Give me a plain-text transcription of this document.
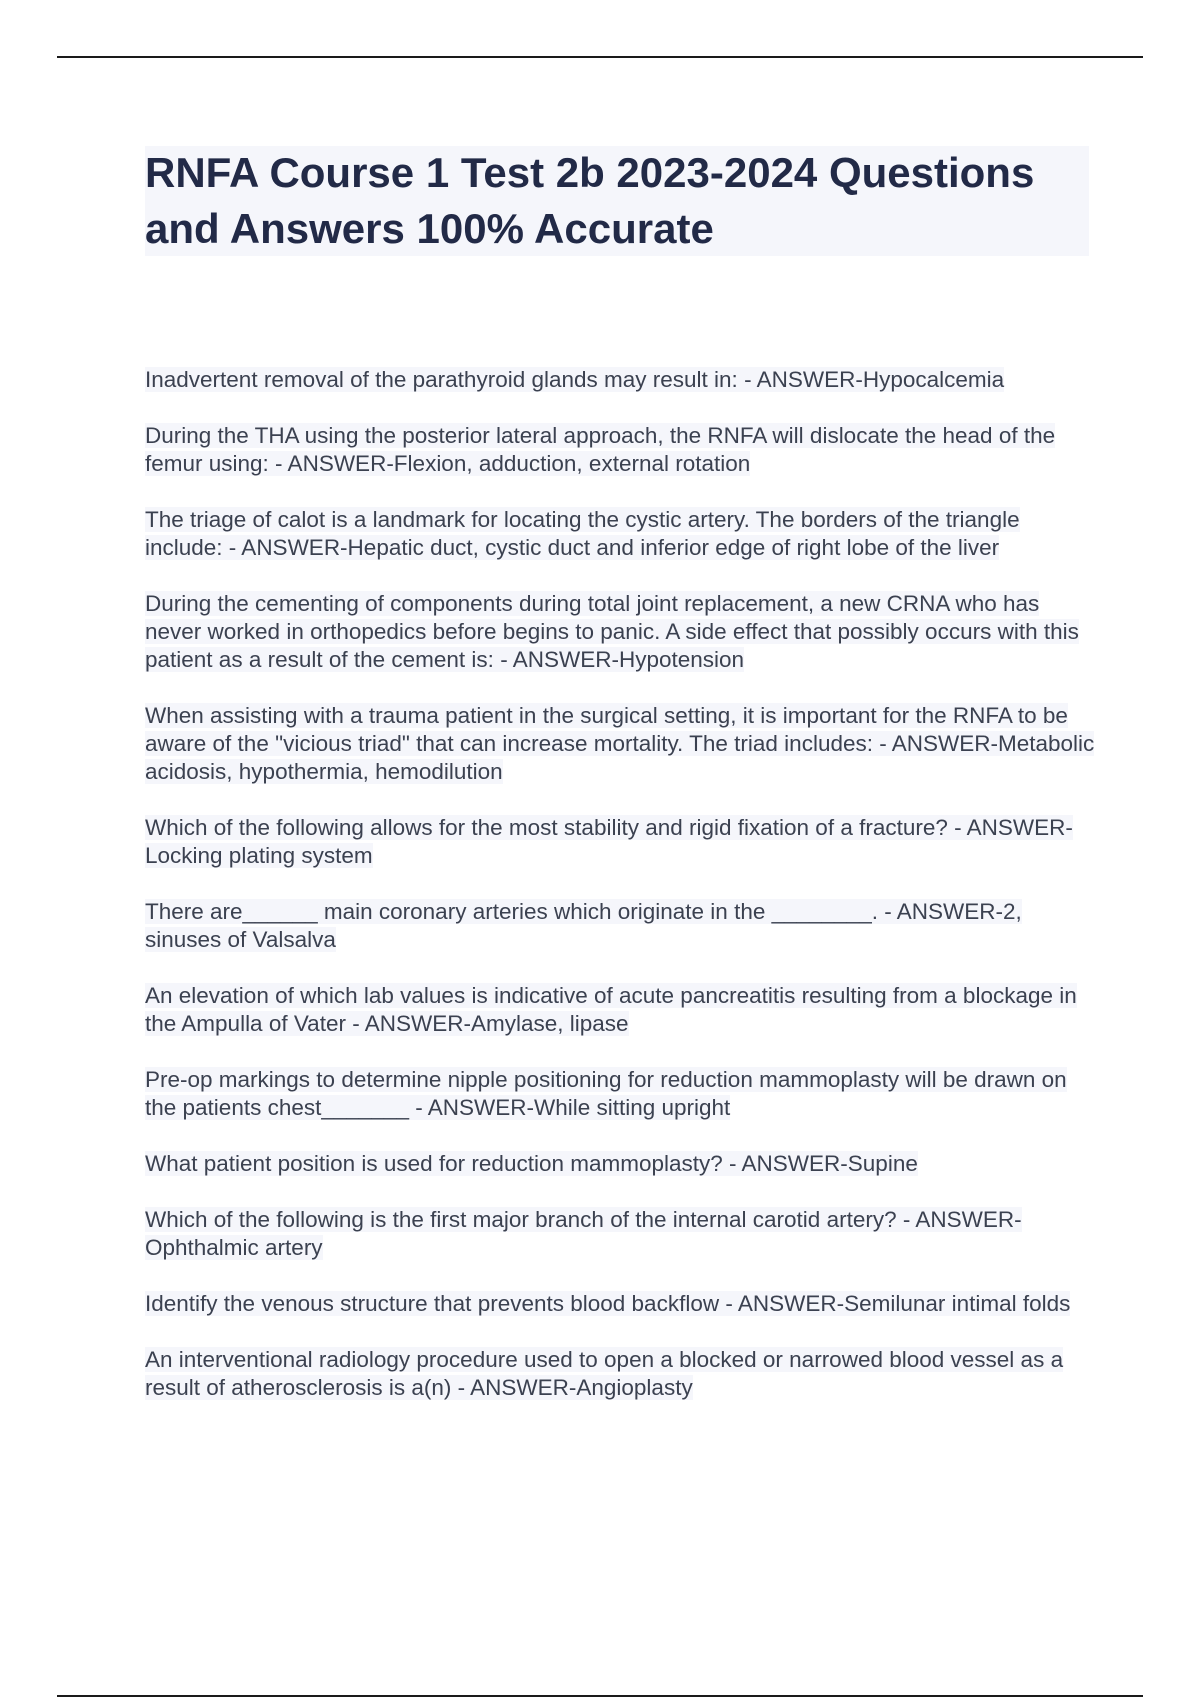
RNFA Course 1 Test 2b 2023-2024 Questions and Answers 100% Accurate

Inadvertent removal of the parathyroid glands may result in: - ANSWER-Hypocalcemia

During the THA using the posterior lateral approach, the RNFA will dislocate the head of the femur using: - ANSWER-Flexion, adduction, external rotation

The triage of calot is a landmark for locating the cystic artery. The borders of the triangle include: - ANSWER-Hepatic duct, cystic duct and inferior edge of right lobe of the liver

During the cementing of components during total joint replacement, a new CRNA who has never worked in orthopedics before begins to panic. A side effect that possibly occurs with this patient as a result of the cement is: - ANSWER-Hypotension

When assisting with a trauma patient in the surgical setting, it is important for the RNFA to be aware of the "vicious triad" that can increase mortality. The triad includes: - ANSWER-Metabolic acidosis, hypothermia, hemodilution

Which of the following allows for the most stability and rigid fixation of a fracture? - ANSWER-Locking plating system

There are______ main coronary arteries which originate in the ________. - ANSWER-2, sinuses of Valsalva

An elevation of which lab values is indicative of acute pancreatitis resulting from a blockage in the Ampulla of Vater - ANSWER-Amylase, lipase

Pre-op markings to determine nipple positioning for reduction mammoplasty will be drawn on the patients chest_______ - ANSWER-While sitting upright

What patient position is used for reduction mammoplasty? - ANSWER-Supine

Which of the following is the first major branch of the internal carotid artery? - ANSWER-Ophthalmic artery

Identify the venous structure that prevents blood backflow - ANSWER-Semilunar intimal folds

An interventional radiology procedure used to open a blocked or narrowed blood vessel as a result of atherosclerosis is a(n) - ANSWER-Angioplasty
